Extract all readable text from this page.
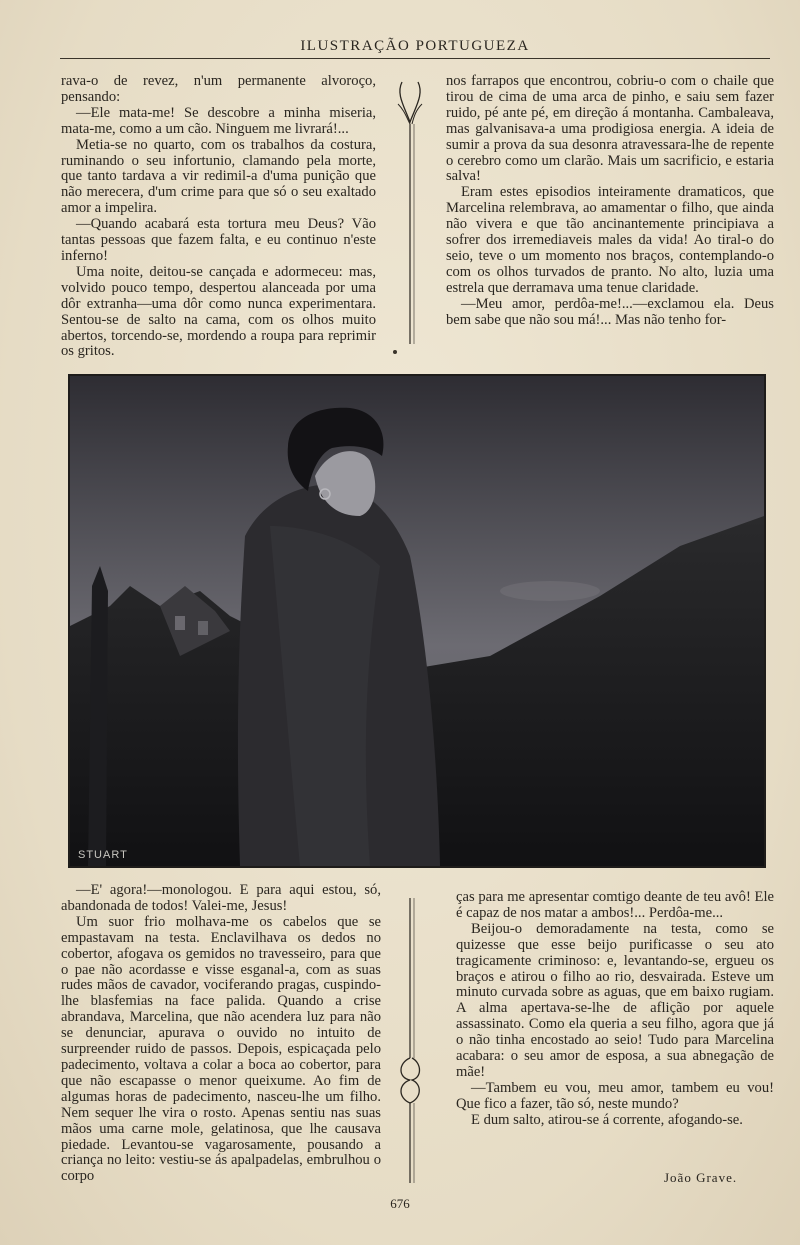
ILUSTRAÇÃO PORTUGUEZA

rava-o de revez, n'um permanente alvoroço, pensando:

—Ele mata-me! Se descobre a minha miseria, mata-me, como a um cão. Ninguem me livrará!...

Metia-se no quarto, com os trabalhos da costura, ruminando o seu infortunio, clamando pela morte, que tanto tardava a vir redimil-a d'uma punição que não merecera, d'um crime para que só o seu exaltado amor a impelira.

—Quando acabará esta tortura meu Deus? Vão tantas pessoas que fazem falta, e eu continuo n'este inferno!

Uma noite, deitou-se cançada e adormeceu: mas, volvido pouco tempo, despertou alanceada por uma dôr extranha—uma dôr como nunca experimentara. Sentou-se de salto na cama, com os olhos muito abertos, torcendo-se, mordendo a roupa para reprimir os gritos.

nos farrapos que encontrou, cobriu-o com o chaile que tirou de cima de uma arca de pinho, e saiu sem fazer ruido, pé ante pé, em direção á montanha. Cambaleava, mas galvanisava-a uma prodigiosa energia. A ideia de sumir a prova da sua desonra atravessara-lhe de repente o cerebro como um clarão. Mais um sacrificio, e estaria salva!

Eram estes episodios inteiramente dramaticos, que Marcelina relembrava, ao amamentar o filho, que ainda não vivera e que tão ancinantemente principiava a sofrer dos irremediaveis males da vida! Ao tiral-o do seio, teve o um momento nos braços, contemplando-o com os olhos turvados de pranto. No alto, luzia uma estrela que derramava uma tenue claridade.

—Meu amor, perdôa-me!...—exclamou ela. Deus bem sabe que não sou má!... Mas não tenho for-

STUART

—E' agora!—monologou. E para aqui estou, só, abandonada de todos! Valei-me, Jesus!

Um suor frio molhava-me os cabelos que se empastavam na testa. Enclavilhava os dedos no cobertor, afogava os gemidos no travesseiro, para que o pae não acordasse e visse esganal-a, com as suas rudes mãos de cavador, vociferando pragas, cuspindo-lhe blasfemias na face palida. Quando a crise abrandava, Marcelina, que não acendera luz para não se denunciar, apurava o ouvido no intuito de surpreender ruido de passos. Depois, espicaçada pelo padecimento, voltava a colar a boca ao cobertor, para que não escapasse o menor queixume. Ao fim de algumas horas de padecimento, nasceu-lhe um filho. Nem sequer lhe vira o rosto. Apenas sentiu nas suas mãos uma carne mole, gelatinosa, que lhe causava piedade. Levantou-se vagarosamente, pousando a criança no leito: vestiu-se ás apalpadelas, embrulhou o corpo

ças para me apresentar comtigo deante de teu avô! Ele é capaz de nos matar a ambos!... Perdôa-me...

Beijou-o demoradamente na testa, como se quizesse que esse beijo purificasse o seu ato tragicamente criminoso: e, levantando-se, ergueu os braços e atirou o filho ao rio, desvairada. Esteve um minuto curvada sobre as aguas, que em baixo rugiam. A alma apertava-se-lhe de aflição por aquele assassinato. Como ela queria a seu filho, agora que já o não tinha encostado ao seio! Tudo para Marcelina acabara: o seu amor de esposa, a sua abnegação de mãe!

—Tambem eu vou, meu amor, tambem eu vou! Que fico a fazer, tão só, neste mundo?

E dum salto, atirou-se á corrente, afogando-se.

João Grave.
676
